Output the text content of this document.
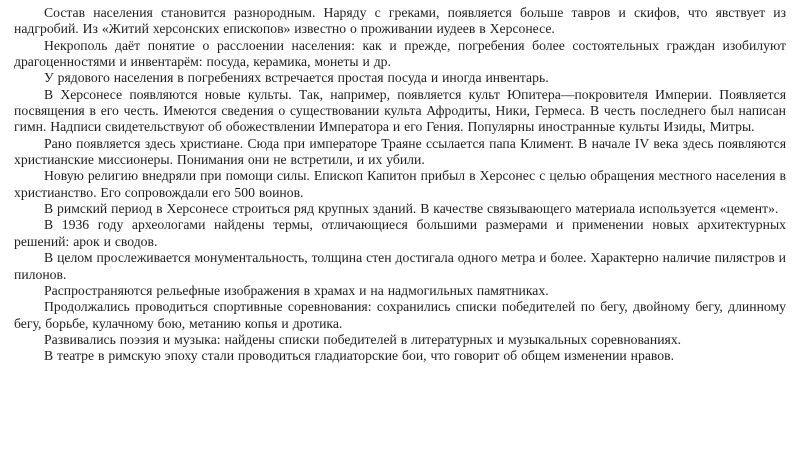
Состав населения становится разнородным. Наряду с греками, появляется больше тавров и скифов, что явствует из надгробий. Из «Житий херсонских епископов» известно о проживании иудеев в Херсонесе.

Некрополь даёт понятие о расслоении населения: как и прежде, погребения более состоятельных граждан изобилуют драгоценностями и инвентарём: посуда, керамика, монеты и др.

У рядового населения в погребениях встречается простая посуда и иногда инвентарь.

В Херсонесе появляются новые культы. Так, например, появляется культ Юпитера—покровителя Империи. Появляется посвящения в его честь. Имеются сведения о существовании культа Афродиты, Ники, Гермеса. В честь последнего был написан гимн. Надписи свидетельствуют об обожествлении Императора и его Гения. Популярны иностранные культы Изиды, Митры.

Рано появляется здесь христиане. Сюда при императоре Траяне ссылается папа Климент. В начале IV века здесь появляются христианские миссионеры. Понимания они не встретили, и их убили.

Новую религию внедряли при помощи силы. Епископ Капитон прибыл в Херсонес с целью обращения местного населения в христианство. Его сопровождали его 500 воинов.

В римский период в Херсонесе строиться ряд крупных зданий. В качестве связывающего материала используется «цемент».

В 1936 году археологами найдены термы, отличающиеся большими размерами и применении новых архитектурных решений: арок и сводов.

В целом прослеживается монументальность, толщина стен достигала одного метра и более. Характерно наличие пилястров и пилонов.

Распространяются рельефные изображения в храмах и на надмогильных памятниках.

Продолжались проводиться спортивные соревнования: сохранились списки победителей по бегу, двойному бегу, длинному бегу, борьбе, кулачному бою, метанию копья и дротика.

Развивались поэзия и музыка: найдены списки победителей в литературных и музыкальных соревнованиях.

В театре в римскую эпоху стали проводиться гладиаторские бои, что говорит об общем изменении нравов.
